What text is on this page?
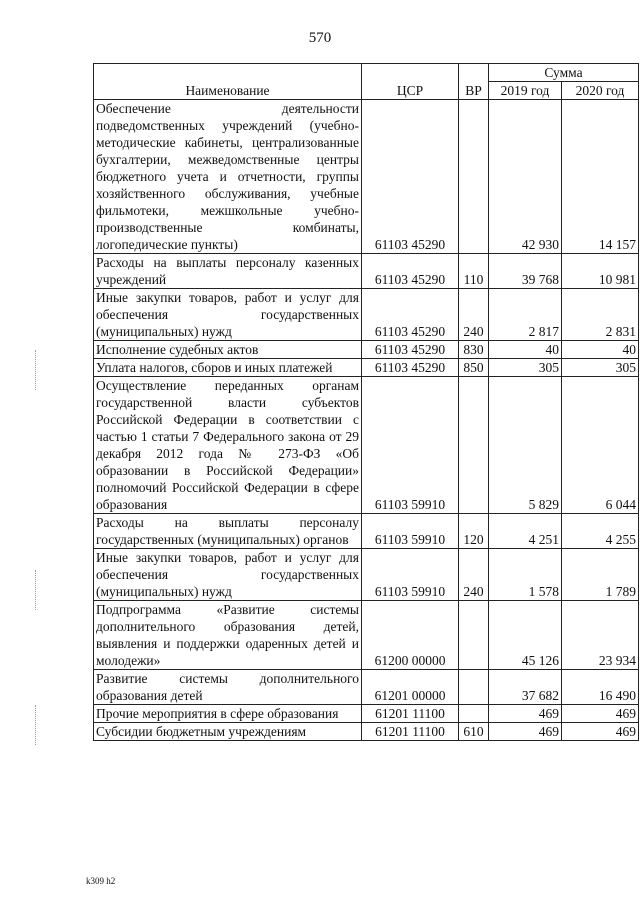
570
Наименование	ЦСР	ВР	Сумма	
			2019 год	2020 год
Обеспечение деятельности подведомственных учреждений (учебно-методические кабинеты, централизованные бухгалтерии, межведомственные центры бюджетного учета и отчетности, группы хозяйственного обслуживания, учебные фильмотеки, межшкольные учебно-производственные комбинаты, логопедические пункты)	61103 45290		42 930	14 157
Расходы на выплаты персоналу казенных учреждений	61103 45290	110	39 768	10 981
Иные закупки товаров, работ и услуг для обеспечения государственных (муниципальных) нужд	61103 45290	240	2 817	2 831
Исполнение судебных актов	61103 45290	830	40	40
Уплата налогов, сборов и иных платежей	61103 45290	850	305	305
Осуществление переданных органам государственной власти субъектов Российской Федерации в соответствии с частью 1 статьи 7 Федерального закона от 29 декабря 2012 года № 273-ФЗ «Об образовании в Российской Федерации» полномочий Российской Федерации в сфере образования	61103 59910		5 829	6 044
Расходы на выплаты персоналу государственных (муниципальных) органов	61103 59910	120	4 251	4 255
Иные закупки товаров, работ и услуг для обеспечения государственных (муниципальных) нужд	61103 59910	240	1 578	1 789
Подпрограмма «Развитие системы дополнительного образования детей, выявления и поддержки одаренных детей и молодежи»	61200 00000		45 126	23 934
Развитие системы дополнительного образования детей	61201 00000		37 682	16 490
Прочие мероприятия в сфере образования	61201 11100		469	469
Субсидии бюджетным учреждениям	61201 11100	610	469	469
k309 h2
